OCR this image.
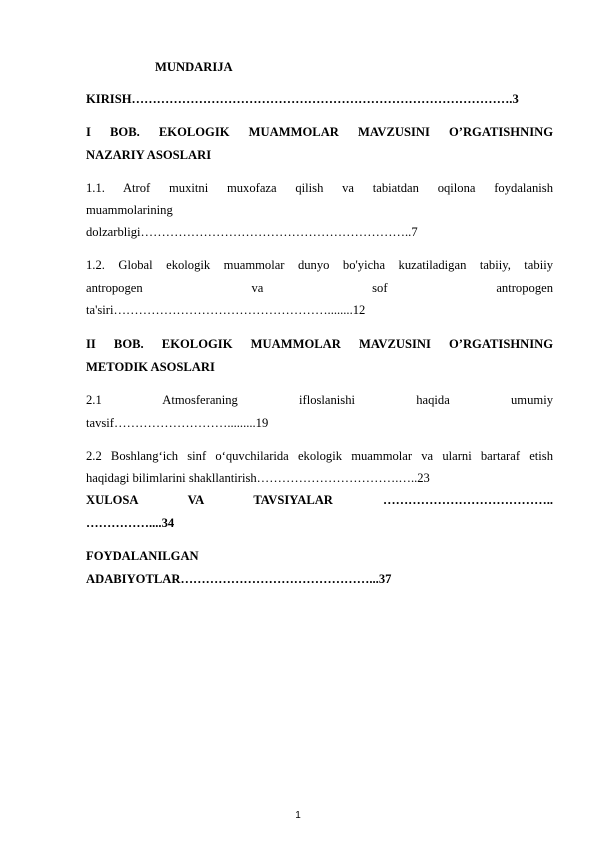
MUNDARIJA
KIRISH……………………………………………………………………………….3
I BOB. EKOLOGIK MUAMMOLAR MAVZUSINI O’RGATISHNING
NAZARIY ASOSLARI
1.1. Atrof muxitni muxofaza qilish va tabiatdan oqilona foydalanish
muammolarining
dolzarbligi………………………………………………………..7
1.2. Global ekologik muammolar dunyo bo'yicha kuzatiladigan tabiiy, tabiiy
antropogen va sof antropogen
ta'siri……………………………………………........12
II BOB. EKOLOGIK MUAMMOLAR MAVZUSINI O’RGATISHNING
METODIK ASOSLARI
2.1 Atmosferaning ifloslanishi haqida umumiy
tavsif……………………….........19
2.2 Boshlang‘ich sinf o‘quvchilarida ekologik muammolar va ularni bartaraf etish
haqidagi bilimlarini shakllantirish…………………………….…..23
XULOSA VA TAVSIYALAR …………………………………..
……………....34
FOYDALANILGAN
ADABIYOTLAR………………………………………...37
1
